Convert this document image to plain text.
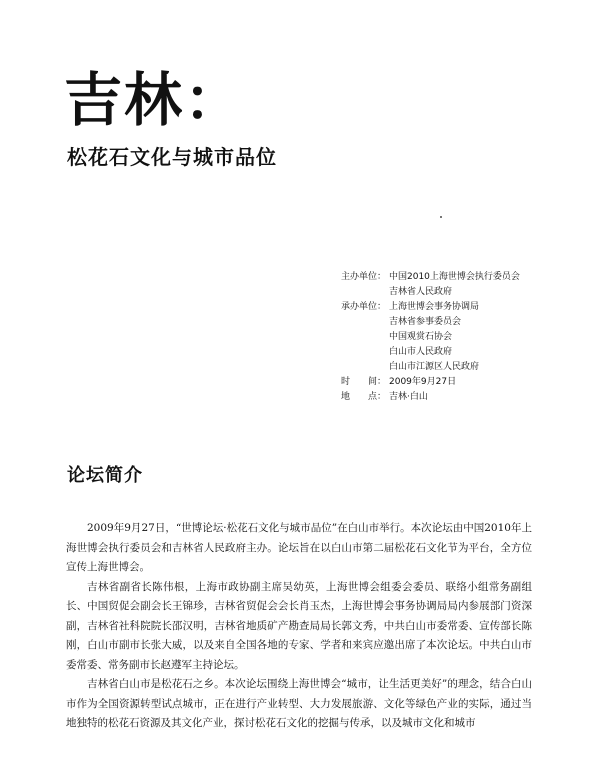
吉林：
松花石文化与城市品位
主办单位： 中国2010上海世博会执行委员会
吉林省人民政府
承办单位： 上海世博会事务协调局
吉林省参事委员会
中国观赏石协会
白山市人民政府
白山市江源区人民政府
时　　间： 2009年9月27日
地　　点： 吉林·白山
论坛简介

2009年9月27日，“世博论坛·松花石文化与城市品位”在白山市举行。本次论坛由中国2010年上海世博会执行委员会和吉林省人民政府主办。论坛旨在以白山市第二届松花石文化节为平台，全方位宣传上海世博会。

吉林省副省长陈伟根，上海市政协副主席吴幼英，上海世博会组委会委员、联络小组常务副组长、中国贸促会副会长王锦珍，吉林省贸促会会长肖玉杰，上海世博会事务协调局局内参展部门资深副，吉林省社科院院长邵汉明，吉林省地质矿产勘查局局长郭文秀，中共白山市委常委、宣传部长陈刚，白山市副市长张大威，以及来自全国各地的专家、学者和来宾应邀出席了本次论坛。中共白山市委常委、常务副市长赵遵军主持论坛。

吉林省白山市是松花石之乡。本次论坛围绕上海世博会“城市，让生活更美好”的理念，结合白山市作为全国资源转型试点城市，正在进行产业转型、大力发展旅游、文化等绿色产业的实际，通过当地独特的松花石资源及其文化产业，探讨松花石文化的挖掘与传承，以及城市文化和城市
